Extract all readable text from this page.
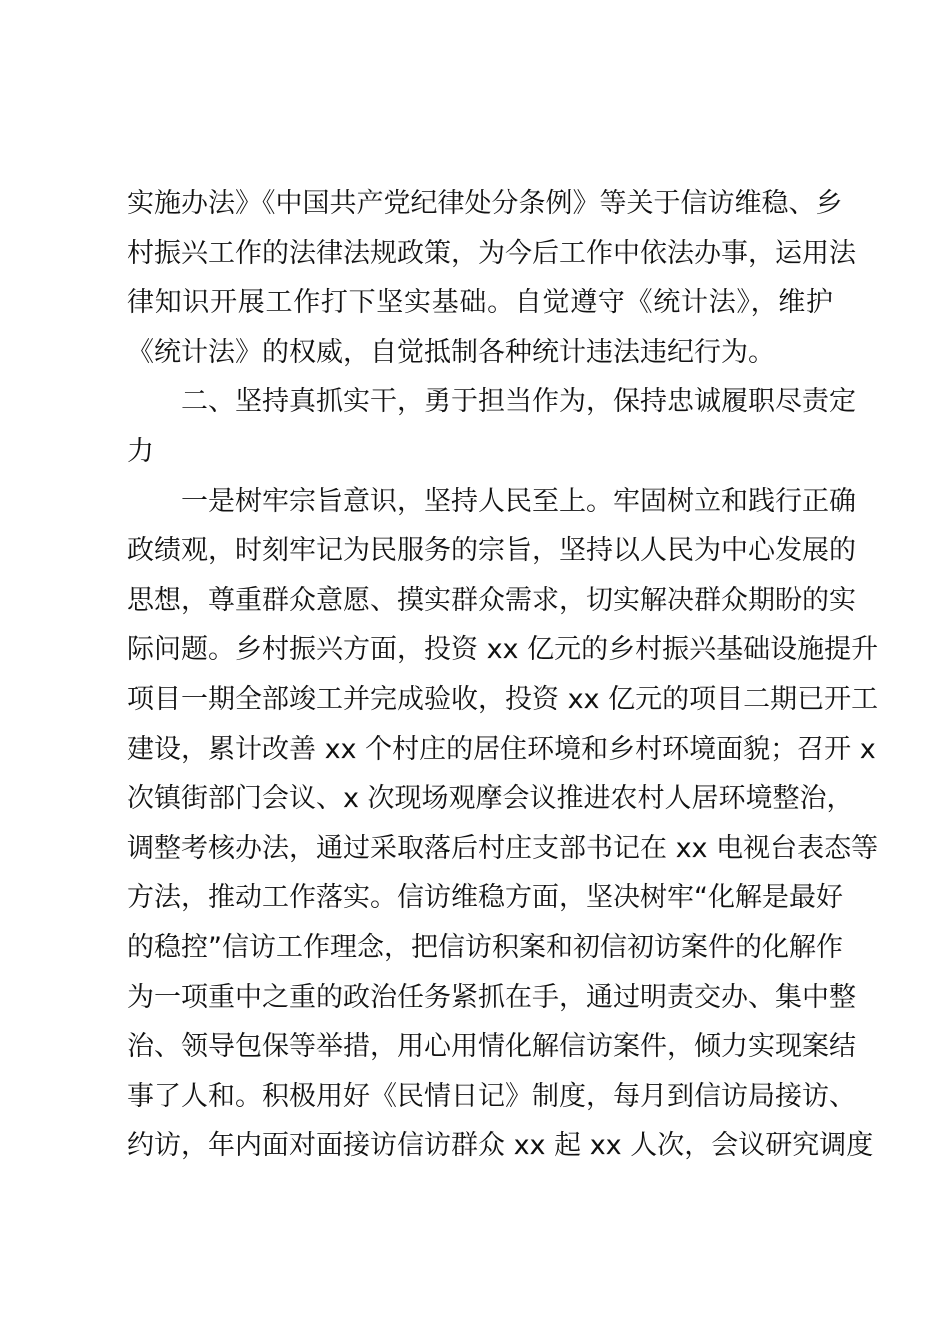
实施办法》《中国共产党纪律处分条例》等关于信访维稳、乡
村振兴工作的法律法规政策，为今后工作中依法办事，运用法
律知识开展工作打下坚实基础。自觉遵守《统计法》，维护
《统计法》的权威，自觉抵制各种统计违法违纪行为。
二、坚持真抓实干，勇于担当作为，保持忠诚履职尽责定
力
一是树牢宗旨意识，坚持人民至上。牢固树立和践行正确
政绩观，时刻牢记为民服务的宗旨，坚持以人民为中心发展的
思想，尊重群众意愿、摸实群众需求，切实解决群众期盼的实
际问题。乡村振兴方面，投资 xx 亿元的乡村振兴基础设施提升
项目一期全部竣工并完成验收，投资 xx 亿元的项目二期已开工
建设，累计改善 xx 个村庄的居住环境和乡村环境面貌；召开 x
次镇街部门会议、x 次现场观摩会议推进农村人居环境整治，
调整考核办法，通过采取落后村庄支部书记在 xx 电视台表态等
方法，推动工作落实。信访维稳方面，坚决树牢“化解是最好
的稳控”信访工作理念，把信访积案和初信初访案件的化解作
为一项重中之重的政治任务紧抓在手，通过明责交办、集中整
治、领导包保等举措，用心用情化解信访案件，倾力实现案结
事了人和。积极用好《民情日记》制度，每月到信访局接访、
约访，年内面对面接访信访群众 xx 起 xx 人次，会议研究调度
